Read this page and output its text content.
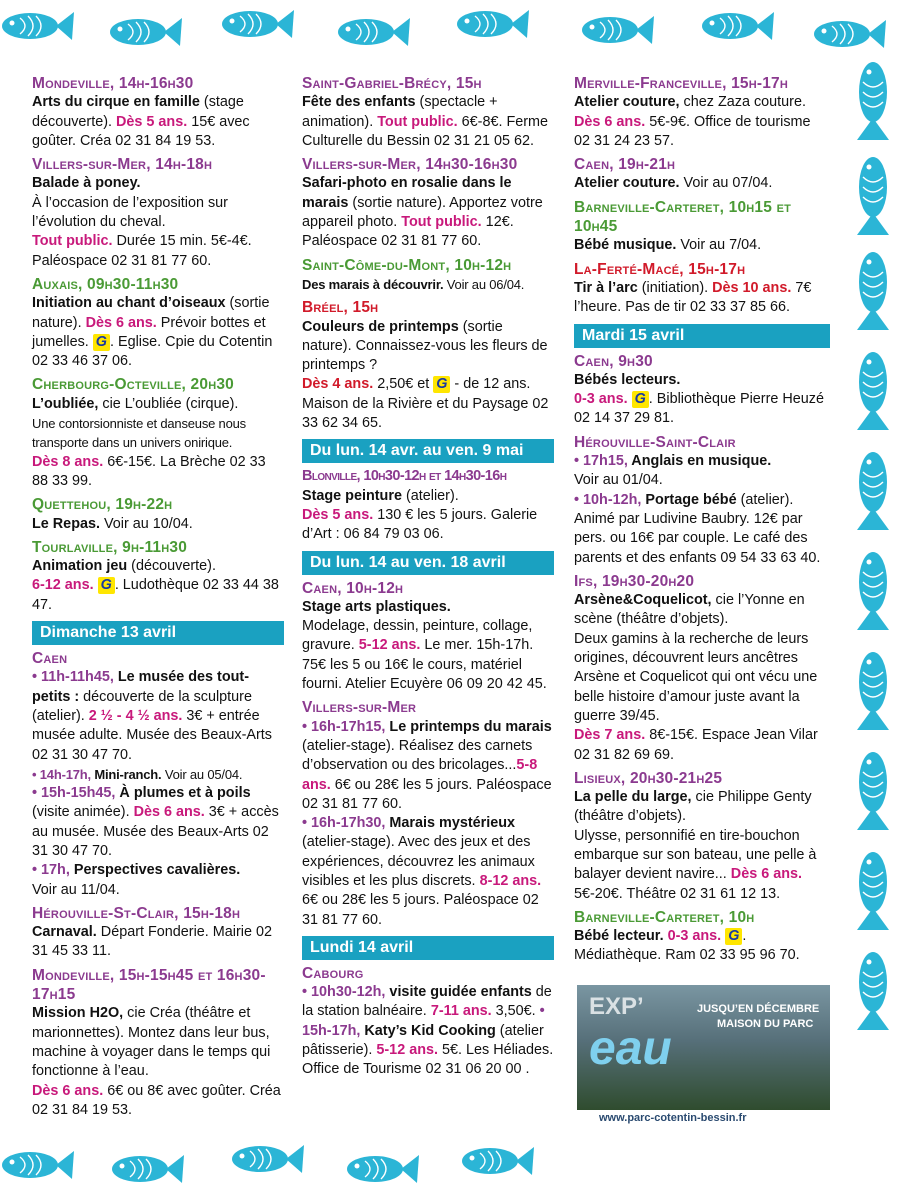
Mondeville, 14h-16h30

Arts du cirque en famille (stage découverte). Dès 5 ans. 15€ avec goûter. Créa 02 31 84 19 53.

Villers-sur-Mer, 14h-18h

Balade à poney.

À l’occasion de l’exposition sur l’évolution du cheval.

Tout public. Durée 15 min. 5€-4€. Paléospace 02 31 81 77 60.

Auxais, 09h30-11h30

Initiation au chant d’oiseaux (sortie nature). Dès 6 ans. Prévoir bottes et jumelles. G . Eglise. Cpie du Cotentin 02 33 46 37 06.

Cherbourg-Octeville, 20h30

L’oubliée, cie L’oubliée (cirque).

Une contorsionniste et danseuse nous transporte dans un univers onirique.

Dès 8 ans. 6€-15€. La Brèche 02 33 88 33 99.

Quettehou, 19h-22h

Le Repas. Voir au 10/04.

Tourlaville, 9h-11h30

Animation jeu (découverte).

6-12 ans. G . Ludothèque 02 33 44 38 47.

Dimanche 13 avril

Caen

• 11h-11h45, Le musée des tout-petits : découverte de la sculpture (atelier). 2 ½ - 4 ½ ans. 3€ + entrée musée adulte. Musée des Beaux-Arts 02 31 30 47 70.

• 14h-17h, Mini-ranch. Voir au 05/04.

• 15h-15h45, À plumes et à poils (visite animée). Dès 6 ans. 3€ + accès au musée. Musée des Beaux-Arts 02 31 30 47 70.

• 17h, Perspectives cavalières.

Voir au 11/04.

Hérouville-St-Clair, 15h-18h

Carnaval. Départ Fonderie. Mairie 02 31 45 33 11.

Mondeville, 15h-15h45 et 16h30-17h15

Mission H2O, cie Créa (théâtre et marionnettes). Montez dans leur bus, machine à voyager dans le temps qui fonctionne à l’eau.

Dès 6 ans. 6€ ou 8€ avec goûter. Créa 02 31 84 19 53.

Saint-Gabriel-Brécy, 15h

Fête des enfants (spectacle + animation). Tout public. 6€-8€. Ferme Culturelle du Bessin 02 31 21 05 62.

Villers-sur-Mer, 14h30-16h30

Safari-photo en rosalie dans le marais (sortie nature). Apportez votre appareil photo. Tout public. 12€. Paléospace 02 31 81 77 60.

Saint-Côme-du-Mont, 10h-12h

Des marais à découvrir. Voir au 06/04.

Bréel, 15h

Couleurs de printemps (sortie nature). Connaissez-vous les fleurs de printemps ?

Dès 4 ans. 2,50€ et G - de 12 ans. Maison de la Rivière et du Paysage 02 33 62 34 65.

Du lun. 14 avr. au ven. 9 mai

Blonville, 10h30-12h et 14h30-16h

Stage peinture (atelier).

Dès 5 ans. 130 € les 5 jours. Galerie d’Art : 06 84 79 03 06.

Du lun. 14 au ven. 18 avril

Caen, 10h-12h

Stage arts plastiques.

Modelage, dessin, peinture, collage, gravure. 5-12 ans. Le mer. 15h-17h. 75€ les 5 ou 16€ le cours, matériel fourni. Atelier Ecuyère 06 09 20 42 45.

Villers-sur-Mer

• 16h-17h15, Le printemps du marais (atelier-stage). Réalisez des carnets d’observation ou des bricolages...5-8 ans. 6€ ou 28€ les 5 jours. Paléospace 02 31 81 77 60.

• 16h-17h30, Marais mystérieux (atelier-stage). Avec des jeux et des expériences, découvrez les animaux visibles et les plus discrets. 8-12 ans. 6€ ou 28€ les 5 jours. Paléospace 02 31 81 77 60.

Lundi 14 avril

Cabourg

• 10h30-12h, visite guidée enfants de la station balnéaire. 7-11 ans. 3,50€. • 15h-17h, Katy’s Kid Cooking (atelier pâtisserie). 5-12 ans. 5€. Les Héliades. Office de Tourisme 02 31 06 20 00 .

Merville-Franceville, 15h-17h

Atelier couture, chez Zaza couture. Dès 6 ans. 5€-9€. Office de tourisme 02 31 24 23 57.

Caen, 19h-21h

Atelier couture. Voir au 07/04.

Barneville-Carteret, 10h15 et 10h45

Bébé musique. Voir au 7/04.

La-Ferté-Macé, 15h-17h

Tir à l’arc (initiation). Dès 10 ans. 7€ l’heure. Pas de tir 02 33 37 85 66.

Mardi 15 avril

Caen, 9h30

Bébés lecteurs.

0-3 ans. G . Bibliothèque Pierre Heuzé 02 14 37 29 81.

Hérouville-Saint-Clair

• 17h15, Anglais en musique.

Voir au 01/04.

• 10h-12h, Portage bébé (atelier). Animé par Ludivine Baubry. 12€ par pers. ou 16€ par couple. Le café des parents et des enfants 09 54 33 63 40.

Ifs, 19h30-20h20

Arsène&Coquelicot, cie l’Yonne en scène (théâtre d’objets).

Deux gamins à la recherche de leurs origines, découvrent leurs ancêtres Arsène et Coquelicot qui ont vécu une belle histoire d’amour juste avant la guerre 39/45.

Dès 7 ans. 8€-15€. Espace Jean Vilar 02 31 82 69 69.

Lisieux, 20h30-21h25

La pelle du large, cie Philippe Genty (théâtre d’objets).

Ulysse, personnifié en tire-bouchon embarque sur son bateau, une pelle à balayer devient navire... Dès 6 ans. 5€-20€. Théâtre 02 31 61 12 13.

Barneville-Carteret, 10h

Bébé lecteur. 0-3 ans. G . Médiathèque. Ram 02 33 95 96 70.

EXP’
eau
JUSQU’EN DÉCEMBRE
MAISON DU PARC
www.parc-cotentin-bessin.fr
